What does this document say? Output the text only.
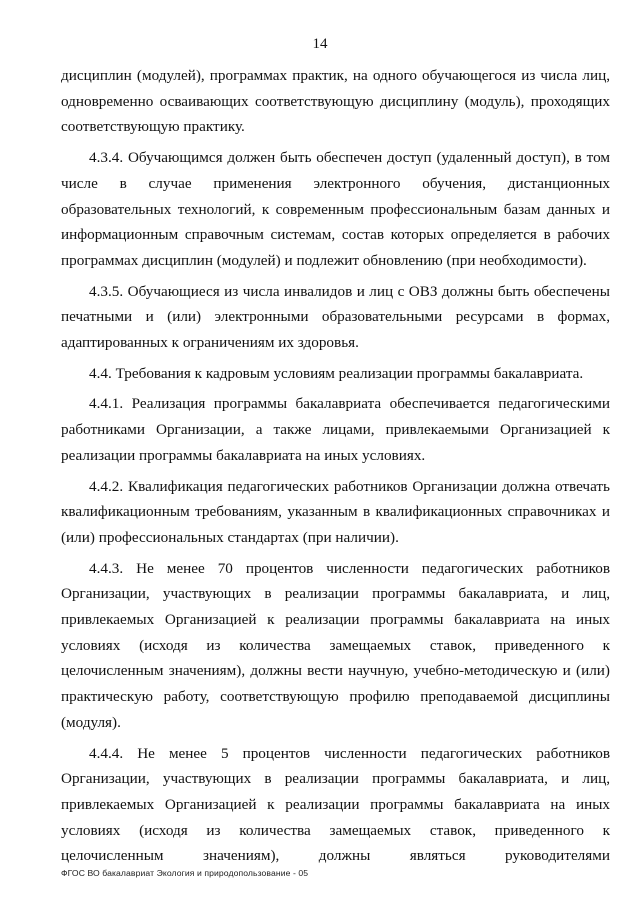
14

дисциплин (модулей), программах практик, на одного обучающегося из числа лиц, одновременно осваивающих соответствующую дисциплину (модуль), проходящих соответствующую практику.

4.3.4. Обучающимся должен быть обеспечен доступ (удаленный доступ), в том числе в случае применения электронного обучения, дистанционных образовательных технологий, к современным профессиональным базам данных и информационным справочным системам, состав которых определяется в рабочих программах дисциплин (модулей) и подлежит обновлению (при необходимости).

4.3.5. Обучающиеся из числа инвалидов и лиц с ОВЗ должны быть обеспечены печатными и (или) электронными образовательными ресурсами в формах, адаптированных к ограничениям их здоровья.

4.4. Требования к кадровым условиям реализации программы бакалавриата.

4.4.1. Реализация программы бакалавриата обеспечивается педагогическими работниками Организации, а также лицами, привлекаемыми Организацией к реализации программы бакалавриата на иных условиях.

4.4.2. Квалификация педагогических работников Организации должна отвечать квалификационным требованиям, указанным в квалификационных справочниках и (или) профессиональных стандартах (при наличии).

4.4.3. Не менее 70 процентов численности педагогических работников Организации, участвующих в реализации программы бакалавриата, и лиц, привлекаемых Организацией к реализации программы бакалавриата на иных условиях (исходя из количества замещаемых ставок, приведенного к целочисленным значениям), должны вести научную, учебно-методическую и (или) практическую работу, соответствующую профилю преподаваемой дисциплины (модуля).

4.4.4. Не менее 5 процентов численности педагогических работников Организации, участвующих в реализации программы бакалавриата, и лиц, привлекаемых Организацией к реализации программы бакалавриата на иных условиях (исходя из количества замещаемых ставок, приведенного к целочисленным значениям), должны являться руководителями

ФГОС ВО бакалавриат Экология и природопользование - 05
